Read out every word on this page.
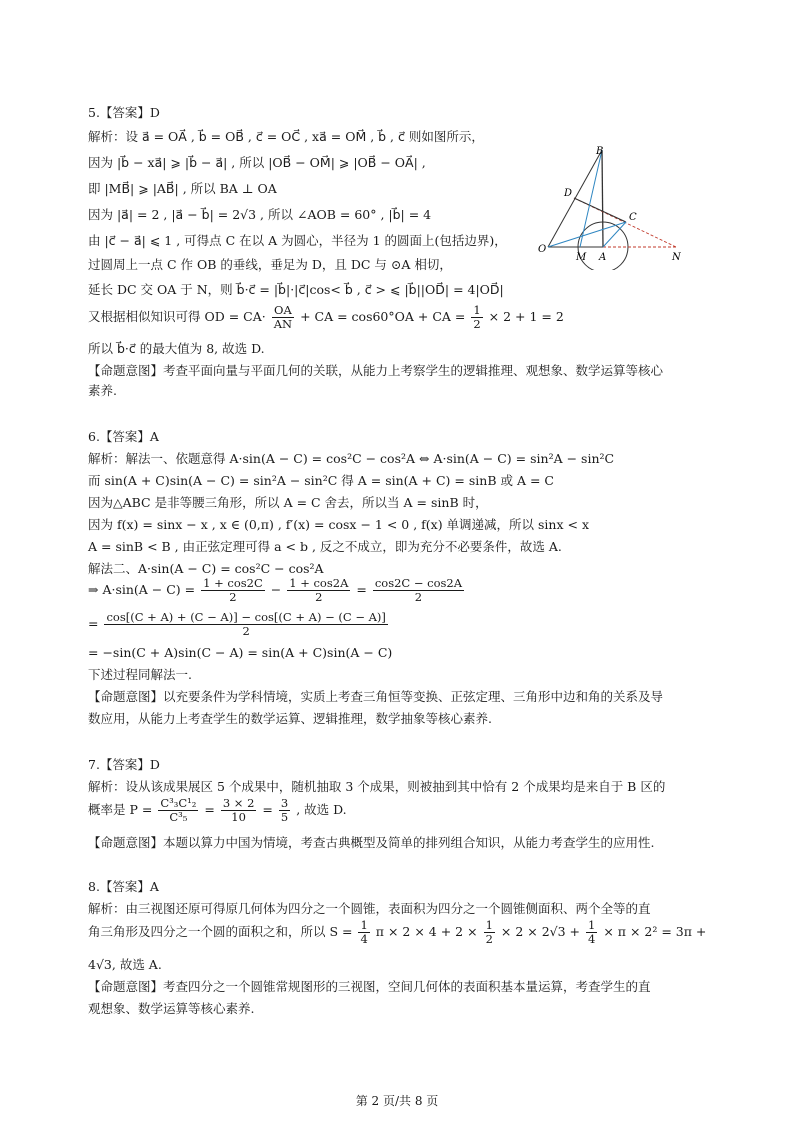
5.【答案】D
解析：设 a⃗ = OA⃗ , b⃗ = OB⃗ , c⃗ = OC⃗ , xa⃗ = OM⃗ , b⃗ , c⃗ 则如图所示，
因为 |b⃗ − xa⃗| ⩾ |b⃗ − a⃗| , 所以 |OB⃗ − OM⃗| ⩾ |OB⃗ − OA⃗| ,
即 |MB⃗| ⩾ |AB⃗| , 所以 BA ⊥ OA
因为 |a⃗| = 2 , |a⃗ − b⃗| = 2√3 , 所以 ∠AOB = 60° , |b⃗| = 4
由 |c⃗ − a⃗| ⩽ 1 , 可得点 C 在以 A 为圆心，半径为 1 的圆面上(包括边界)，
过圆周上一点 C 作 OB 的垂线，垂足为 D，且 DC 与 ⊙A 相切，
延长 DC 交 OA 于 N，则 b⃗·c⃗ = |b⃗|·|c⃗|cos< b⃗ , c⃗ > ⩽ |b⃗||OD⃗| = 4|OD⃗|
又根据相似知识可得 OD = $CA\cdot \frac{OA}{AN}$ + CA = cos60°OA + CA = $\frac{1}{2} \times 2 + 1 = 2$
所以 b⃗·c⃗ 的最大值为 8, 故选 D.
【命题意图】考查平面向量与平面几何的关联，从能力上考察学生的逻辑推理、观想象、数学运算等核心
素养.
B
D
C
O
M A	N
6.【答案】A
解析：解法一、依题意得 A·sin(A − C) = cos²C − cos²A ⇔ A·sin(A − C) = sin²A − sin²C
而 sin(A + C)sin(A − C) = sin²A − sin²C 得 A = sin(A + C) = sinB 或 A = C
因为△ABC 是非等腰三角形，所以 A = C 舍去，所以当 A = sinB 时，
因为 f(x) = sinx − x , x ∈ (0,π) , f′(x) = cosx − 1 < 0 , f(x) 单调递减，所以 sinx < x
A = sinB < B , 由正弦定理可得 a < b , 反之不成立，即为充分不必要条件，故选 A.
解法二、A·sin(A − C) = cos²C − cos²A
⇒ $A\cdot\sin(A - C) = \frac{1 + \cos 2C}{2} - \frac{1 + \cos 2A}{2} = \frac{\cos 2C - \cos 2A}{2}$
= $\frac{\cos[(C + A) + (C - A)] - \cos[(C + A) - (C - A)]}{2}$
= −sin(C + A)sin(C − A) = sin(A + C)sin(A − C)
下述过程同解法一.
【命题意图】以充要条件为学科情境，实质上考查三角恒等变换、正弦定理、三角形中边和角的关系及导
数应用，从能力上考查学生的数学运算、逻辑推理，数学抽象等核心素养.
7.【答案】D
解析：设从该成果展区 5 个成果中，随机抽取 3 个成果，则被抽到其中恰有 2 个成果均是来自于 B 区的
概率是 $P = \frac{\text{C³₃C¹₂}}{\text{C³₅}} = \frac{3 \times 2}{10} = \frac{3}{5}$ , 故选 D.
【命题意图】本题以算力中国为情境，考查古典概型及简单的排列组合知识，从能力考查学生的应用性.
8.【答案】A
解析：由三视图还原可得原几何体为四分之一个圆锥，表面积为四分之一个圆锥侧面积、两个全等的直
角三角形及四分之一个圆的面积之和，所以 $S = \frac{1}{4}$ $\pi \times 2 \times 4 + 2 \times \frac{1}{2} \times 2 \times 2√3 + \frac{1}{4} \times \pi \times 2^2 = 3\pi$ +
4√3, 故选 A.
【命题意图】考查四分之一个圆锥常规图形的三视图，空间几何体的表面积基本量运算，考查学生的直
观想象、数学运算等核心素养.
第 2 页/共 8 页
